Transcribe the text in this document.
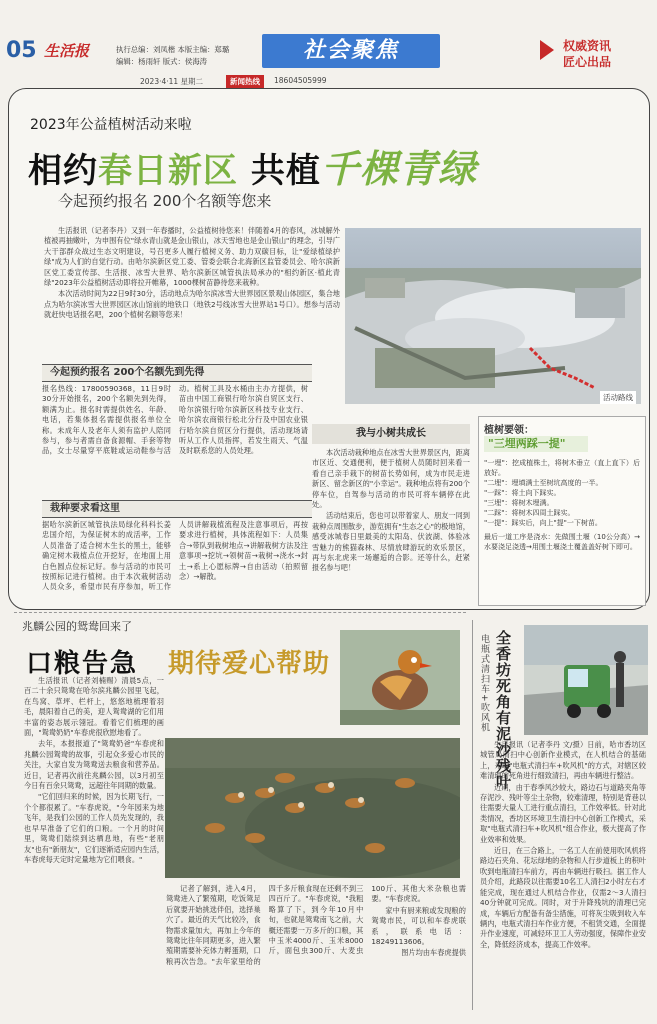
05 生活报	执行总编：刘凤楷 本版主编：郑璐
编辑：杨雨轩 版式：侯海涛	社会聚焦	权威资讯
匠心出品
2023·4·11 星期二	新闻热线	18604505999
2023年公益植树活动来啦
相约春日新区 共植千棵青绿
今起预约报名 200个名额等您来

生活报讯（记者李丹）又到一年春播时，公益植树待您来！伴随着4月的春风，冰城解外植被再抽嫩叶，为申围有位"绿水青山就是金山银山，冰天雪地也是金山银山"的理念，引导广大干部群众战过生态文明建设，号召更多人履行植树义务、助力双碳目标，让"爱绿植绿护绿"成为人们的自觉行动。由哈尔滨新区党工委、管委会联合北海新区监管委员会、哈尔滨新区党工委宣传部、生活报、冰雪大世界、哈尔滨新区城管执法局承办的"相约新区·植此青绿"2023年公益植树活动即将拉开帷幕，1000棵树苗静待您来栽种。

本次活动时间为22日9时30分，活动地点为哈尔滨冰雪大世界园区景观山体园区，集合地点为哈尔滨冰雪大世界园区冰山馆前的地铁口（地铁2号线冰雪大世界站1号口）。想参与活动就赶快电话报名吧，200个植树名额等您来！

活动路线
今起预约报名 200个名额先到先得
报名热线：17800590368，11日9时30分开始报名，200个名额先到先得，额满为止。报名时需提供姓名、年龄、电话，若集体报名需提供报名单位全称。未成年人及老年人须有监护人陪同参与，参与者需自备食源帽、手套等物品，女士尽量穿平底鞋或运动鞋参与活动。植树工具及水桶由主办方提供，树苗由中国工商银行哈尔滨自贸区支行、哈尔滨银行哈尔滨新区科技专业支行、哈尔滨农商银行松北分行及中国农业银行哈尔滨自贸区分行提供，活动现场请听从工作人员指挥，若发生雨天、气温及时联系您的人员处理。
栽种要求看这里
据哈尔滨新区城管执法局绿化科科长姜忠国介绍，为保证树木的成活率，工作人员准备了适合树木生长的黑土，能够确定树木栽植点位开挖好，在地面上用白色圆点位标记好。参与活动的市民可按照标记进行植树。由于本次栽树活动人员众多，希望市民有序参加，听工作人员讲解栽植流程及注意事项后，再按要求进行植树，具体流程如下：人员集合→带队到栽树地点→讲解栽树方法及注意事项→挖坑→领树苗→栽树→浇水→封土→系上心愿标牌→自由活动（拍照留念）→解散。
我与小树共成长

本次活动栽种地点在冰雪大世界景区内，距离市区近、交通便利，便于植树人员随时回来看一看自己亲手栽下的树苗长势如何，成为市民走进新区、留念新区的"小幸运"。栽种地点将有200个停车位，自驾参与活动的市民可将车辆停在此处。

活动结束后，您也可以带着家人、朋友一同到栽种点周围散步，游览拥有"生态之心"的极地馆，感受冰城春日里最美的太阳岛、伏波湖、体验冰雪魅力的熊猫森林、尽情放肆游玩的欢乐景区，再与东北虎来一场邂逅的合影。还等什么，赶紧报名参与吧！

植树要领：
"三埋两踩一提"
"一埋"：挖成植株土，将树木垂立（直上直下）后放好。
"二埋"：埋填满土至树坑高度的一半。
"一踩"：将土向下踩实。
"三埋"：将树木埋满。
"二踩"：将树木四周土踩实。
"一提"：踩实后，向上"提"一下树苗。
最后一道工序是浇水：先做围土堰（10公分高）→水要浇足浇透→用围土堰浇土覆盖盖好树下即可。
兆麟公园的鸳鸯回来了
口粮告急 期待爱心帮助

生活报讯（记者刘楠赐）清晨5点，一百二十余只鸳鸯在哈尔滨兆麟公园里飞起，在鸟窝、草坪、栏杆上，悠悠地梳理着羽毛，晨阳着自己的美，迎人鸳鸯湖的它们用丰富的姿态展示翎冠。看着它们梳理的画面，"鸳鸯奶奶"车春虎很欣慰地看了。

去年，本报报道了"鸳鸯奶爸"车春虎和兆麟公园鸳鸯的故事，引起众多爱心市民的关注，大家自发为鸳鸯送去粮食和营养品。近日，记者再次前往兆麟公园，以3月初至今日有百余只鸳鸯，远超往年同期的数量。

"它们回归来的时候，因为长期飞行，一个个都很累了。"车春虎说，"今年园来为地飞年，是我们公园的工作人员先发现的，我也早早准备了它们的口粮。一个月的时间里，鸳鸯们陆续到达栖息地，有些"老朋友"也有"新朋友"，它们逐渐适应园内生活，车春虎每天定时定量地为它们喂食。"

记者了解到，进入4月，鸳鸯进入了繁殖期，吃饭鸳足后就要开始挑选伴侣，选择巢穴了。最近的天气比较冷，食物需求量加大，再加上今年的鸳鸯比往年同期更多，进入繁殖期需要补充体力孵蛋期，口粮再次告急。"去年家里给的四千多斤粮食现在还剩不到三四百斤了。"车春虎说，"我粗略算了下，到今年10月中旬，也就是鸳鸯南飞之前，大概还需要一万多斤的口粮，其中玉米4000斤、玉米8000斤，面包虫300斤、大麦虫100斤、其他大米杂粮也需要。"车春虎说。

家中有厨来粮或发现粮的鸳鸯市民，可以和车春虎联系，联系电话：18249113606。

图片均由车春虎提供

全香坊死角有泥沙残叶
电瓶式清扫车+吹风机

生活报讯（记者李丹 文/摄）日前，哈市香坊区城管局清扫中心创新作业模式，在人机结合的基础上，采取"电瓶式清扫车+吹风机"的方式，对辖区较难清理的死角进行细致清扫，再由车辆进行整洁。

近期，由于春季风沙较大，路边石与道路夹角等存泥沙、残叶等尘土杂物，较难清理，特别是背巷以往需要大量人工进行重点清扫，工作效率低。针对此类情况，香坊区环境卫生清扫中心创新工作模式，采取"电瓶式清扫车+吹风机"组合作业，极大提高了作业效率和效果。

近日，在三合路上，一名工人在前使用吹风机将路边石夹角、花坛绿地的杂物和人行步道板上的积叶吹到电瓶清扫车前方，再由车辆进行吸扫。据工作人员介绍，此路段以往需要10名工人清扫2小时左右才能完成，现在通过人机结合作业，仅需2～3人清扫40分钟就可完成。同时，对于升降残坑的清理已完成，车辆后方配备有备尘措施，可将灰尘吸到收入车辆内，电瓶式清扫车作业方便，不租赁交通，全面提升作业速度，可减轻环卫工人劳动强度，保障作业安全，降低经济成本，提高工作效率。
